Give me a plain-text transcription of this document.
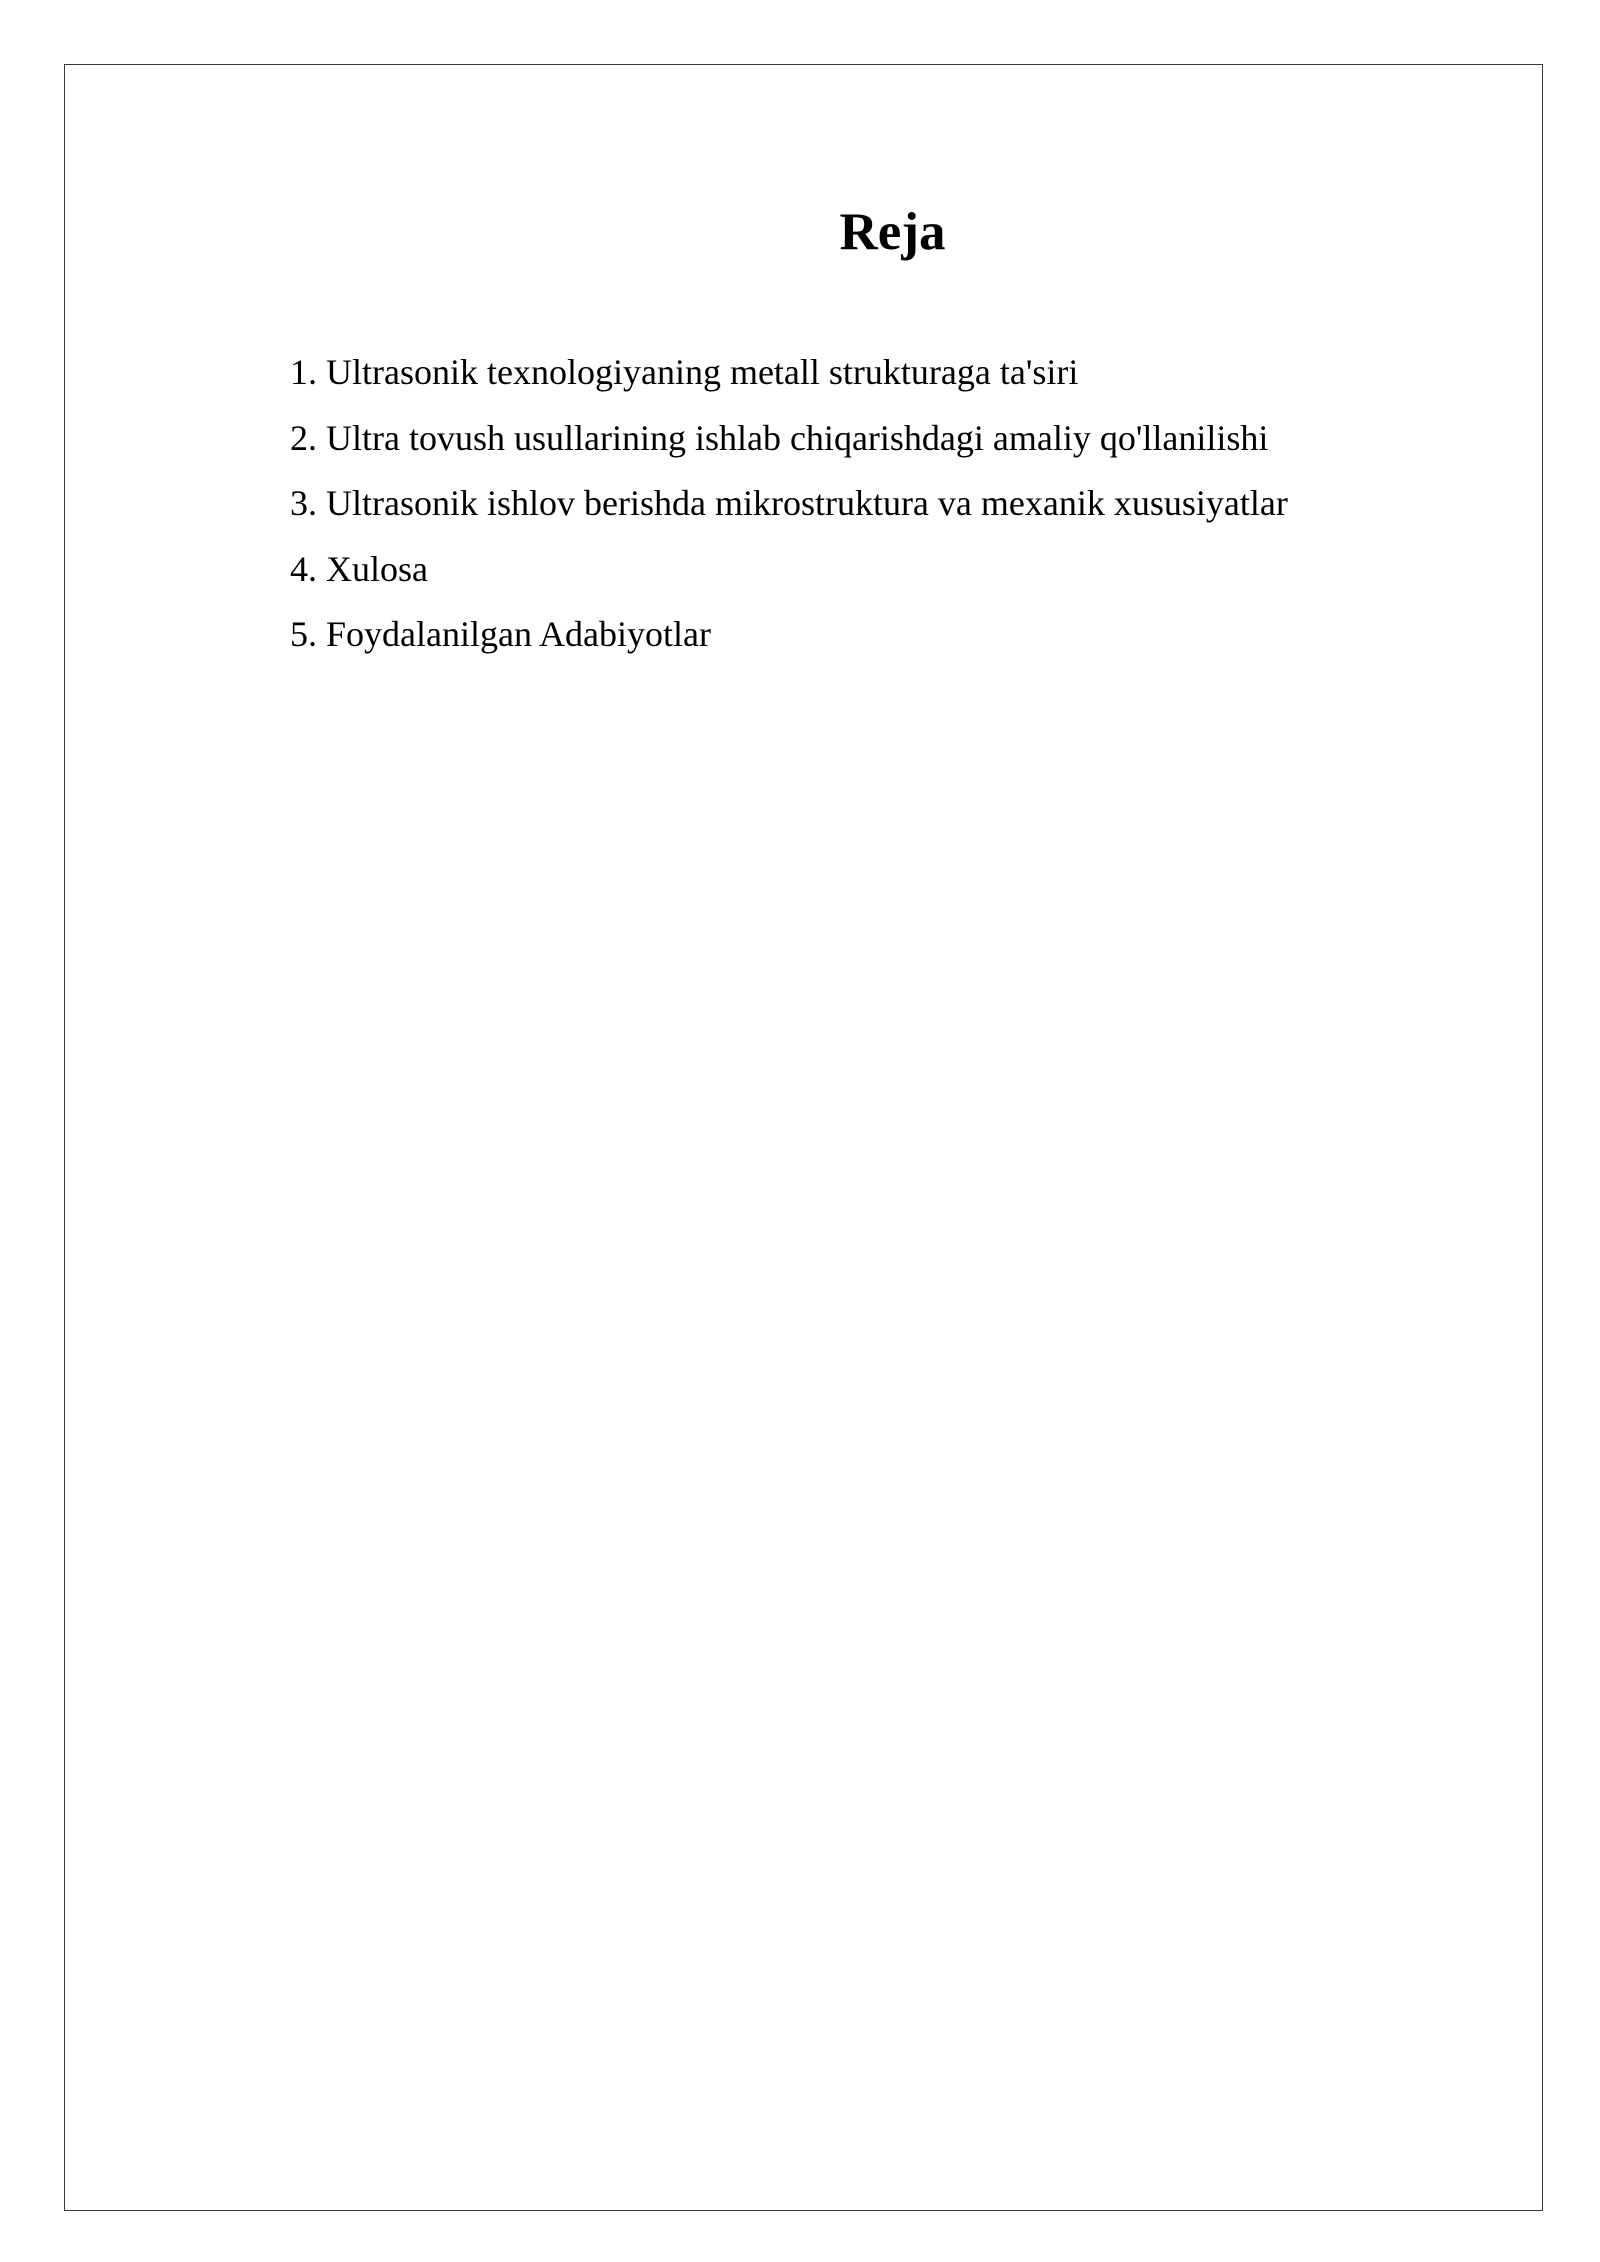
Reja
1. Ultrasonik texnologiyaning metall strukturaga ta'siri
2. Ultra tovush usullarining ishlab chiqarishdagi amaliy qo'llanilishi
3. Ultrasonik ishlov berishda mikrostruktura va mexanik xususiyatlar
4. Xulosa
5. Foydalanilgan Adabiyotlar
